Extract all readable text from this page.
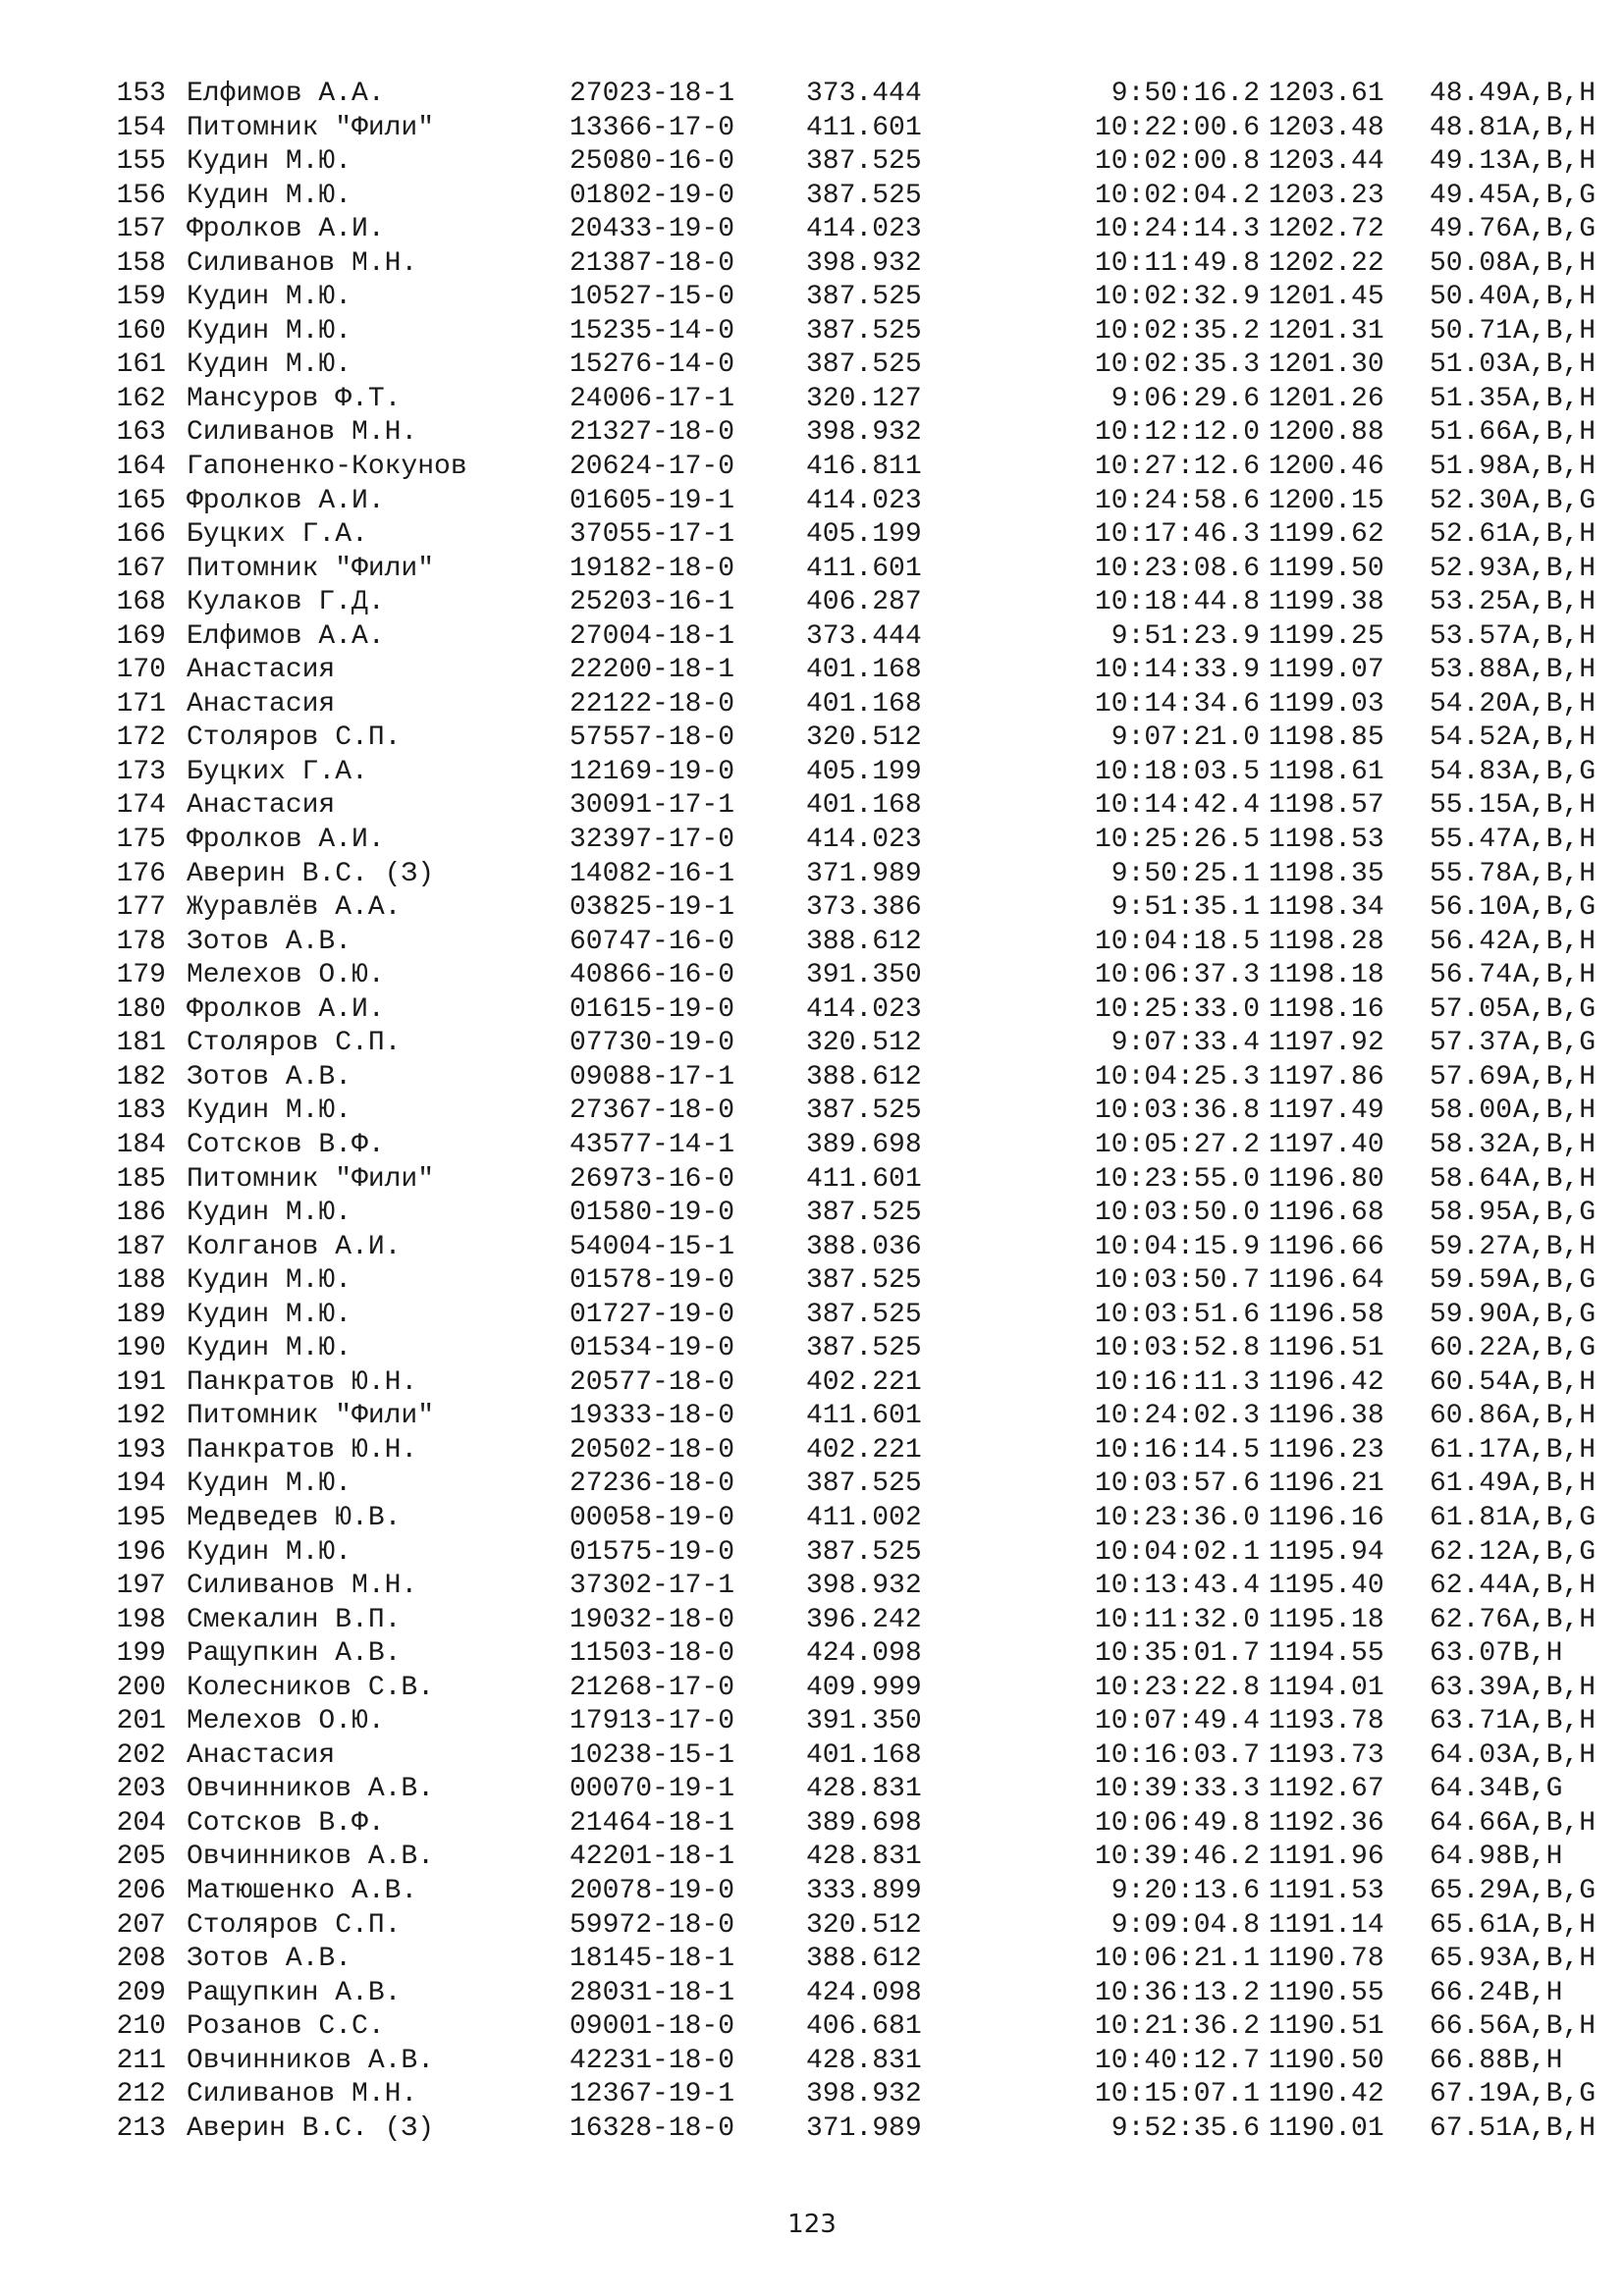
153 Елфимов А.А.	27023-18-1	373.444	9:50:16.2 1203.61 48.49 A,B,H
154 Питомник "Фили"	13366-17-0	411.601	10:22:00.6 1203.48 48.81 A,B,H
155 Кудин М.Ю.	25080-16-0	387.525	10:02:00.8 1203.44 49.13 A,B,H
156 Кудин М.Ю.	01802-19-0	387.525	10:02:04.2 1203.23 49.45 A,B,G
157 Фролков А.И.	20433-19-0	414.023	10:24:14.3 1202.72 49.76 A,B,G
158 Силиванов М.Н.	21387-18-0	398.932	10:11:49.8 1202.22 50.08 A,B,H
159 Кудин М.Ю.	10527-15-0	387.525	10:02:32.9 1201.45 50.40 A,B,H
160 Кудин М.Ю.	15235-14-0	387.525	10:02:35.2 1201.31 50.71 A,B,H
161 Кудин М.Ю.	15276-14-0	387.525	10:02:35.3 1201.30 51.03 A,B,H
162 Мансуров Ф.Т.	24006-17-1	320.127	9:06:29.6 1201.26 51.35 A,B,H
163 Силиванов М.Н.	21327-18-0	398.932	10:12:12.0 1200.88 51.66 A,B,H
164 Гапоненко-Кокунов	20624-17-0	416.811	10:27:12.6 1200.46 51.98 A,B,H
165 Фролков А.И.	01605-19-1	414.023	10:24:58.6 1200.15 52.30 A,B,G
166 Буцких Г.А.	37055-17-1	405.199	10:17:46.3 1199.62 52.61 A,B,H
167 Питомник "Фили"	19182-18-0	411.601	10:23:08.6 1199.50 52.93 A,B,H
168 Кулаков Г.Д.	25203-16-1	406.287	10:18:44.8 1199.38 53.25 A,B,H
169 Елфимов А.А.	27004-18-1	373.444	9:51:23.9 1199.25 53.57 A,B,H
170 Анастасия	22200-18-1	401.168	10:14:33.9 1199.07 53.88 A,B,H
171 Анастасия	22122-18-0	401.168	10:14:34.6 1199.03 54.20 A,B,H
172 Столяров С.П.	57557-18-0	320.512	9:07:21.0 1198.85 54.52 A,B,H
173 Буцких Г.А.	12169-19-0	405.199	10:18:03.5 1198.61 54.83 A,B,G
174 Анастасия	30091-17-1	401.168	10:14:42.4 1198.57 55.15 A,B,H
175 Фролков А.И.	32397-17-0	414.023	10:25:26.5 1198.53 55.47 A,B,H
176 Аверин В.С. (З)	14082-16-1	371.989	9:50:25.1 1198.35 55.78 A,B,H
177 Журавлёв А.А.	03825-19-1	373.386	9:51:35.1 1198.34 56.10 A,B,G
178 Зотов А.В.	60747-16-0	388.612	10:04:18.5 1198.28 56.42 A,B,H
179 Мелехов О.Ю.	40866-16-0	391.350	10:06:37.3 1198.18 56.74 A,B,H
180 Фролков А.И.	01615-19-0	414.023	10:25:33.0 1198.16 57.05 A,B,G
181 Столяров С.П.	07730-19-0	320.512	9:07:33.4 1197.92 57.37 A,B,G
182 Зотов А.В.	09088-17-1	388.612	10:04:25.3 1197.86 57.69 A,B,H
183 Кудин М.Ю.	27367-18-0	387.525	10:03:36.8 1197.49 58.00 A,B,H
184 Сотсков В.Ф.	43577-14-1	389.698	10:05:27.2 1197.40 58.32 A,B,H
185 Питомник "Фили"	26973-16-0	411.601	10:23:55.0 1196.80 58.64 A,B,H
186 Кудин М.Ю.	01580-19-0	387.525	10:03:50.0 1196.68 58.95 A,B,G
187 Колганов А.И.	54004-15-1	388.036	10:04:15.9 1196.66 59.27 A,B,H
188 Кудин М.Ю.	01578-19-0	387.525	10:03:50.7 1196.64 59.59 A,B,G
189 Кудин М.Ю.	01727-19-0	387.525	10:03:51.6 1196.58 59.90 A,B,G
190 Кудин М.Ю.	01534-19-0	387.525	10:03:52.8 1196.51 60.22 A,B,G
191 Панкратов Ю.Н.	20577-18-0	402.221	10:16:11.3 1196.42 60.54 A,B,H
192 Питомник "Фили"	19333-18-0	411.601	10:24:02.3 1196.38 60.86 A,B,H
193 Панкратов Ю.Н.	20502-18-0	402.221	10:16:14.5 1196.23 61.17 A,B,H
194 Кудин М.Ю.	27236-18-0	387.525	10:03:57.6 1196.21 61.49 A,B,H
195 Медведев Ю.В.	00058-19-0	411.002	10:23:36.0 1196.16 61.81 A,B,G
196 Кудин М.Ю.	01575-19-0	387.525	10:04:02.1 1195.94 62.12 A,B,G
197 Силиванов М.Н.	37302-17-1	398.932	10:13:43.4 1195.40 62.44 A,B,H
198 Смекалин В.П.	19032-18-0	396.242	10:11:32.0 1195.18 62.76 A,B,H
199 Ращупкин А.В.	11503-18-0	424.098	10:35:01.7 1194.55 63.07 B,H
200 Колесников С.В.	21268-17-0	409.999	10:23:22.8 1194.01 63.39 A,B,H
201 Мелехов О.Ю.	17913-17-0	391.350	10:07:49.4 1193.78 63.71 A,B,H
202 Анастасия	10238-15-1	401.168	10:16:03.7 1193.73 64.03 A,B,H
203 Овчинников А.В.	00070-19-1	428.831	10:39:33.3 1192.67 64.34 B,G
204 Сотсков В.Ф.	21464-18-1	389.698	10:06:49.8 1192.36 64.66 A,B,H
205 Овчинников А.В.	42201-18-1	428.831	10:39:46.2 1191.96 64.98 B,H
206 Матюшенко А.В.	20078-19-0	333.899	9:20:13.6 1191.53 65.29 A,B,G
207 Столяров С.П.	59972-18-0	320.512	9:09:04.8 1191.14 65.61 A,B,H
208 Зотов А.В.	18145-18-1	388.612	10:06:21.1 1190.78 65.93 A,B,H
209 Ращупкин А.В.	28031-18-1	424.098	10:36:13.2 1190.55 66.24 B,H
210 Розанов С.С.	09001-18-0	406.681	10:21:36.2 1190.51 66.56 A,B,H
211 Овчинников А.В.	42231-18-0	428.831	10:40:12.7 1190.50 66.88 B,H
212 Силиванов М.Н.	12367-19-1	398.932	10:15:07.1 1190.42 67.19 A,B,G
213 Аверин В.С. (З)	16328-18-0	371.989	9:52:35.6 1190.01 67.51 A,B,H
123
